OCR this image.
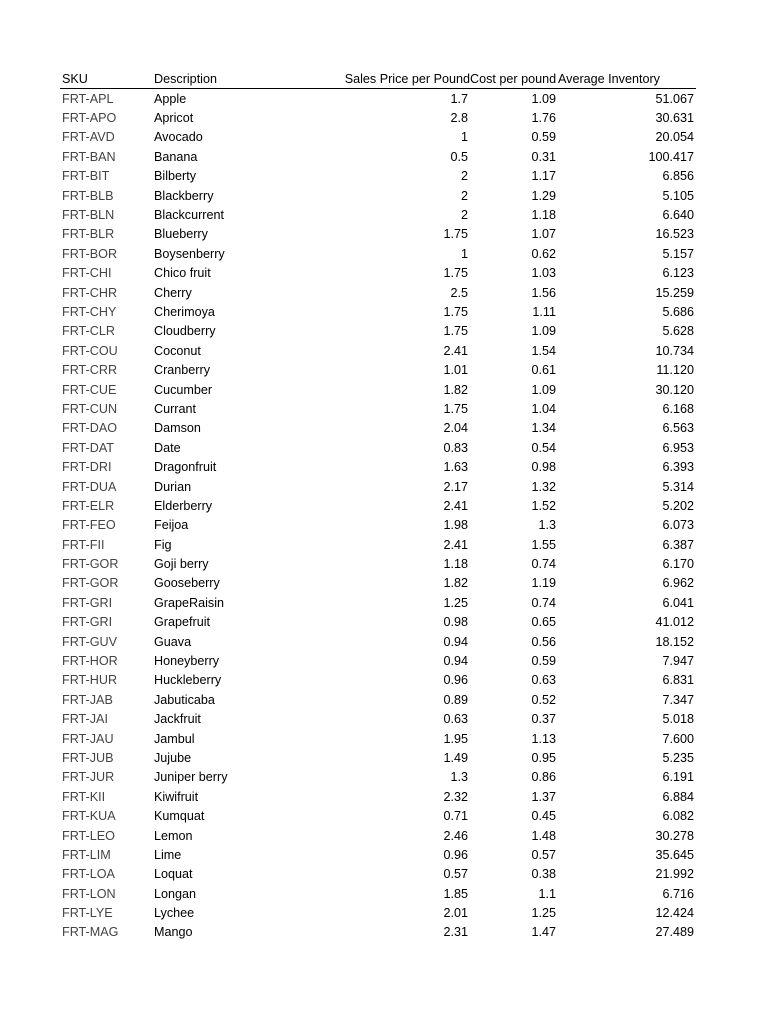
SKU	Description	Sales Price per Pound	Cost per pound	Average Inventory
FRT-APL	Apple	1.7	1.09	51.067
FRT-APO	Apricot	2.8	1.76	30.631
FRT-AVD	Avocado	1	0.59	20.054
FRT-BAN	Banana	0.5	0.31	100.417
FRT-BIT	Bilberty	2	1.17	6.856
FRT-BLB	Blackberry	2	1.29	5.105
FRT-BLN	Blackcurrent	2	1.18	6.640
FRT-BLR	Blueberry	1.75	1.07	16.523
FRT-BOR	Boysenberry	1	0.62	5.157
FRT-CHI	Chico fruit	1.75	1.03	6.123
FRT-CHR	Cherry	2.5	1.56	15.259
FRT-CHY	Cherimoya	1.75	1.11	5.686
FRT-CLR	Cloudberry	1.75	1.09	5.628
FRT-COU	Coconut	2.41	1.54	10.734
FRT-CRR	Cranberry	1.01	0.61	11.120
FRT-CUE	Cucumber	1.82	1.09	30.120
FRT-CUN	Currant	1.75	1.04	6.168
FRT-DAO	Damson	2.04	1.34	6.563
FRT-DAT	Date	0.83	0.54	6.953
FRT-DRI	Dragonfruit	1.63	0.98	6.393
FRT-DUA	Durian	2.17	1.32	5.314
FRT-ELR	Elderberry	2.41	1.52	5.202
FRT-FEO	Feijoa	1.98	1.3	6.073
FRT-FII	Fig	2.41	1.55	6.387
FRT-GOR	Goji berry	1.18	0.74	6.170
FRT-GOR	Gooseberry	1.82	1.19	6.962
FRT-GRI	GrapeRaisin	1.25	0.74	6.041
FRT-GRI	Grapefruit	0.98	0.65	41.012
FRT-GUV	Guava	0.94	0.56	18.152
FRT-HOR	Honeyberry	0.94	0.59	7.947
FRT-HUR	Huckleberry	0.96	0.63	6.831
FRT-JAB	Jabuticaba	0.89	0.52	7.347
FRT-JAI	Jackfruit	0.63	0.37	5.018
FRT-JAU	Jambul	1.95	1.13	7.600
FRT-JUB	Jujube	1.49	0.95	5.235
FRT-JUR	Juniper berry	1.3	0.86	6.191
FRT-KII	Kiwifruit	2.32	1.37	6.884
FRT-KUA	Kumquat	0.71	0.45	6.082
FRT-LEO	Lemon	2.46	1.48	30.278
FRT-LIM	Lime	0.96	0.57	35.645
FRT-LOA	Loquat	0.57	0.38	21.992
FRT-LON	Longan	1.85	1.1	6.716
FRT-LYE	Lychee	2.01	1.25	12.424
FRT-MAG	Mango	2.31	1.47	27.489
